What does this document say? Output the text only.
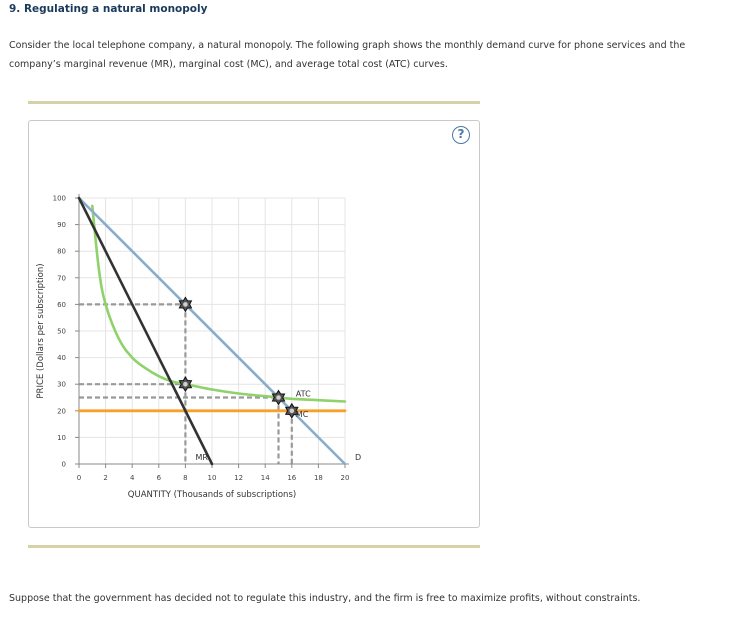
9. Regulating a natural monopoly
Consider the local telephone company, a natural monopoly. The following graph shows the monthly demand curve for phone services and the company’s marginal revenue (MR), marginal cost (MC), and average total cost (ATC) curves.
?
0
10
20
30
40
50
60
70
80
90
100
0	2	4	6	8	10	12	14	16	18	20
QUANTITY (Thousands of subscriptions)
PRICE (Dollars per subscription)
D
MR
MC
ATC
Suppose that the government has decided not to regulate this industry, and the firm is free to maximize profits, without constraints.
